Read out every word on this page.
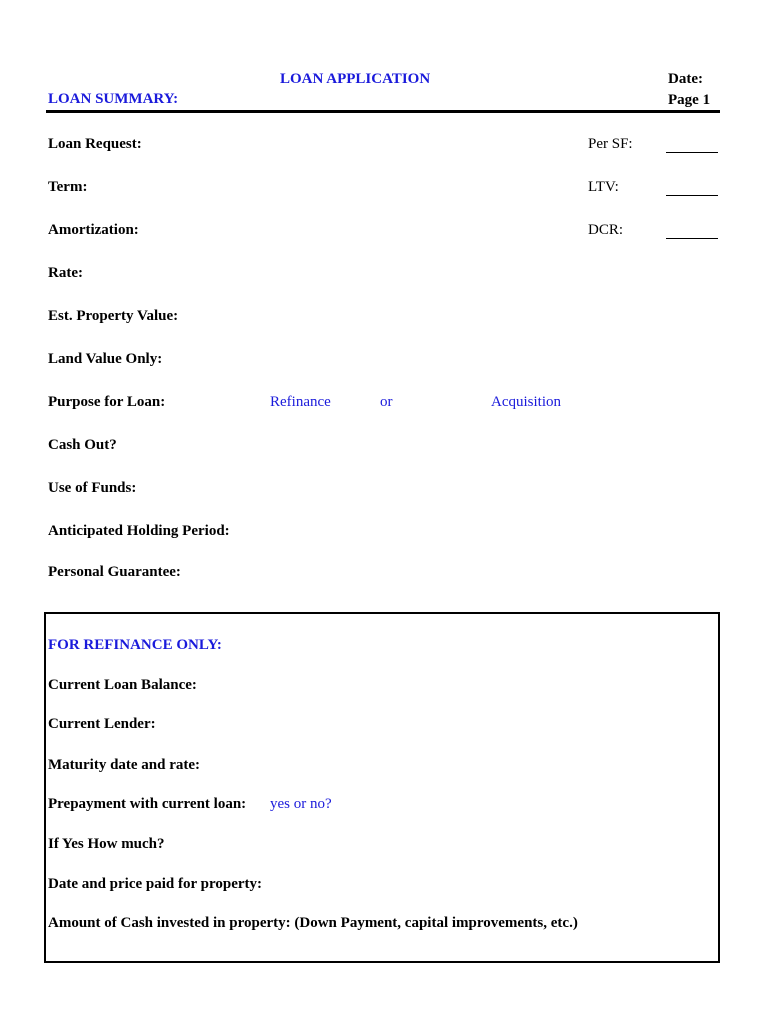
LOAN APPLICATION	Date:
Page 1
LOAN SUMMARY:
Loan Request:	Per SF:
Term:	LTV:
Amortization:	DCR:
Rate:
Est. Property Value:
Land Value Only:
Purpose for Loan:	Refinance	or	Acquisition
Cash Out?
Use of Funds:
Anticipated Holding Period:
Personal Guarantee:
FOR REFINANCE ONLY:
Current Loan Balance:
Current Lender:
Maturity date and rate:
Prepayment with current loan: yes or no?
If Yes How much?
Date and price paid for property:
Amount of Cash invested in property: (Down Payment, capital improvements, etc.)
